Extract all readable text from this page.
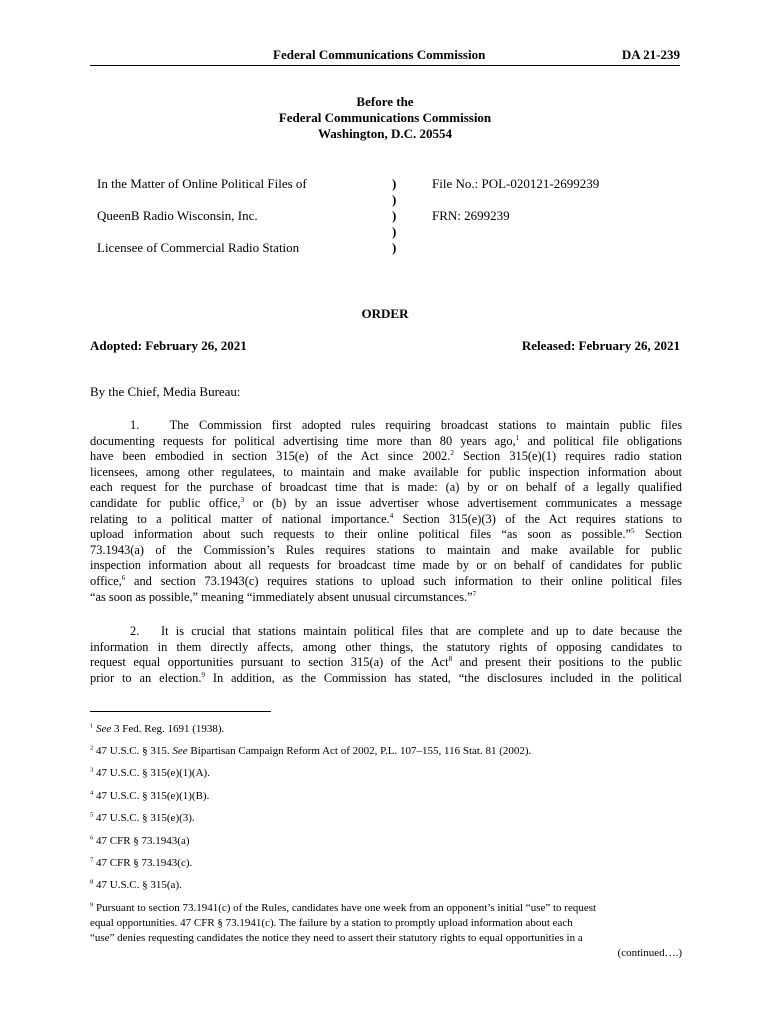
Federal Communications Commission	DA 21-239
Before the
Federal Communications Commission
Washington, D.C. 20554
In the Matter of Online Political Files of
QueenB Radio Wisconsin, Inc.
Licensee of Commercial Radio Station
)
)
)
)
)
File No.: POL-020121-2699239
FRN: 2699239
ORDER
Adopted: February 26, 2021	Released: February 26, 2021
By the Chief, Media Bureau:
1. The Commission first adopted rules requiring broadcast stations to maintain public files
documenting requests for political advertising time more than 80 years ago,$^1$ and political file obligations
have been embodied in section 315(e) of the Act since 2002.$^2$ Section 315(e)(1) requires radio station
licensees, among other regulatees, to maintain and make available for public inspection information about
each request for the purchase of broadcast time that is made: (a) by or on behalf of a legally qualified
candidate for public office,$^3$ or (b) by an issue advertiser whose advertisement communicates a message
relating to a political matter of national importance.$^4$ Section 315(e)(3) of the Act requires stations to
upload information about such requests to their online political files “as soon as possible.”$^5$ Section
73.1943(a) of the Commission’s Rules requires stations to maintain and make available for public
inspection information about all requests for broadcast time made by or on behalf of candidates for public
office,$^6$ and section 73.1943(c) requires stations to upload such information to their online political files
“as soon as possible,” meaning “immediately absent unusual circumstances.”$^7$
2. It is crucial that stations maintain political files that are complete and up to date because the
information in them directly affects, among other things, the statutory rights of opposing candidates to
request equal opportunities pursuant to section 315(a) of the Act$^8$ and present their positions to the public
prior to an election.$^9$ In addition, as the Commission has stated, “the disclosures included in the political
$^1$ See 3 Fed. Reg. 1691 (1938).
$^2$ 47 U.S.C. § 315. See Bipartisan Campaign Reform Act of 2002, P.L. 107–155, 116 Stat. 81 (2002).
$^3$ 47 U.S.C. § 315(e)(1)(A).
$^4$ 47 U.S.C. § 315(e)(1)(B).
$^5$ 47 U.S.C. § 315(e)(3).
$^6$ 47 CFR § 73.1943(a)
$^7$ 47 CFR § 73.1943(c).
$^8$ 47 U.S.C. § 315(a).
$^9$ Pursuant to section 73.1941(c) of the Rules, candidates have one week from an opponent’s initial “use” to request
equal opportunities. 47 CFR § 73.1941(c). The failure by a station to promptly upload information about each
“use” denies requesting candidates the notice they need to assert their statutory rights to equal opportunities in a
(continued….)
